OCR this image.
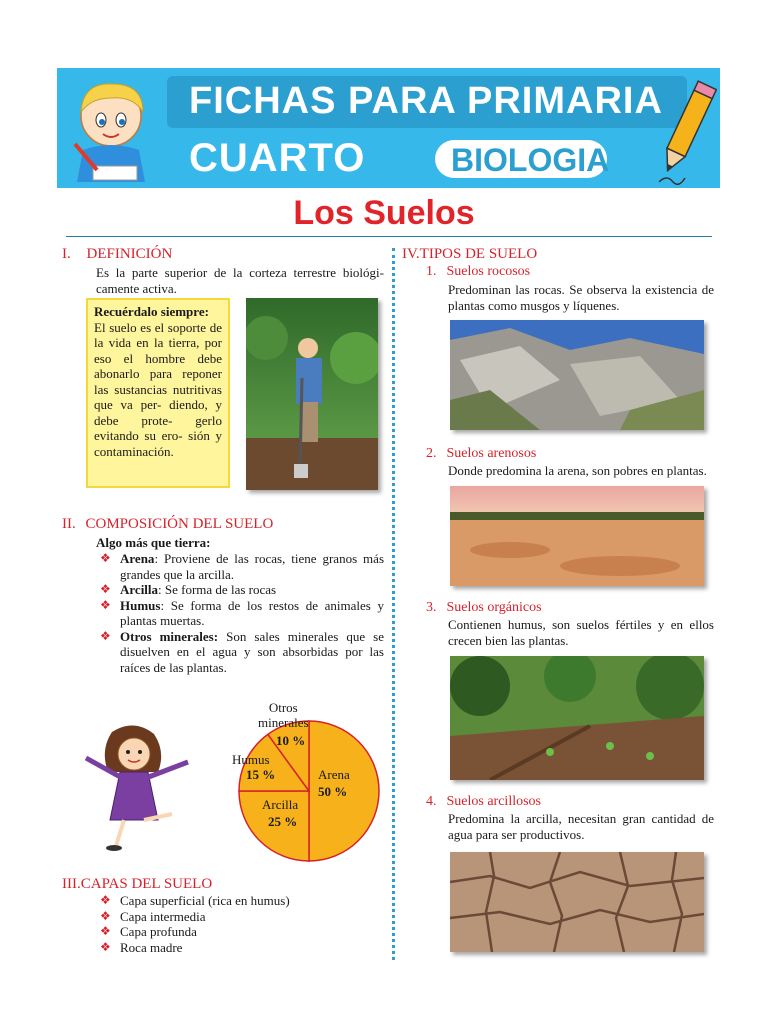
FICHAS PARA PRIMARIA
CUARTO	BIOLOGIA
Los Suelos
I. DEFINICIÓN
Es la parte superior de la corteza terrestre biológi- camente activa.
Recuérdalo siempre:
El suelo es el soporte de la vida en la tierra, por eso el hombre debe abonarlo para reponer las sustancias nutritivas que va per- diendo, y debe prote- gerlo evitando su ero- sión y contaminación.
II. COMPOSICIÓN DEL SUELO
Algo más que tierra:
❖ Arena: Proviene de las rocas, tiene granos más grandes que la arcilla.
❖ Arcilla: Se forma de las rocas
❖ Humus: Se forma de los restos de animales y plantas muertas.
❖ Otros minerales: Son sales minerales que se disuelven en el agua y son absorbidas por las raíces de las plantas.
Otros
minerales
10 %
Humus
15 %	Arena
50 %
Arcilla
25 %
III.CAPAS DEL SUELO
❖ Capa superficial (rica en humus)
❖ Capa intermedia
❖ Capa profunda
❖ Roca madre
IV.TIPOS DE SUELO
1. Suelos rocosos
Predominan las rocas. Se observa la existencia de plantas como musgos y líquenes.
2. Suelos arenosos
Donde predomina la arena, son pobres en plantas.
3. Suelos orgánicos
Contienen humus, son suelos fértiles y en ellos crecen bien las plantas.
4. Suelos arcillosos
Predomina la arcilla, necesitan gran cantidad de agua para ser productivos.
